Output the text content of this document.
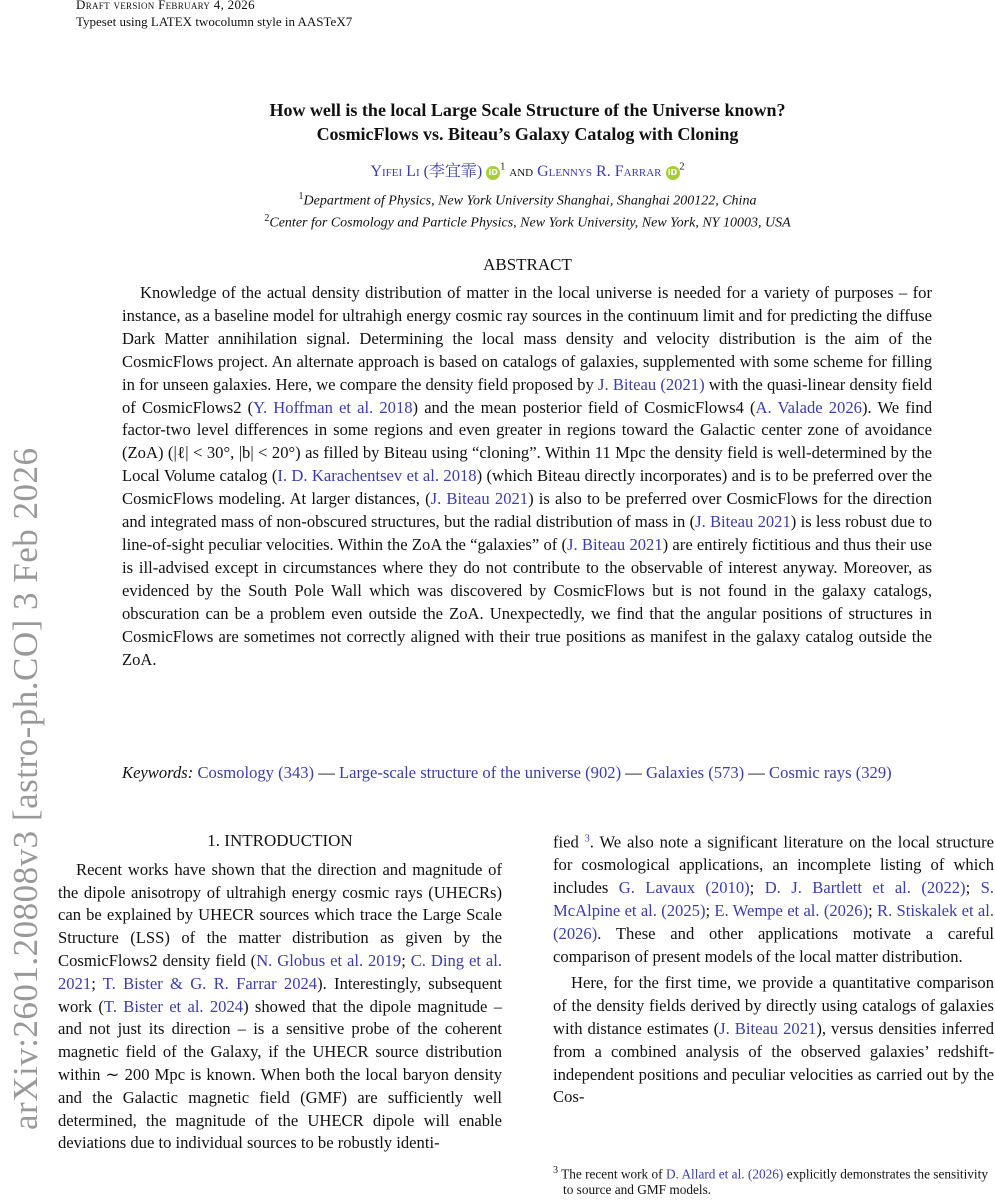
Draft version February 4, 2026
Typeset using LATEX twocolumn style in AASTeX7
arXiv:2601.20808v3 [astro-ph.CO] 3 Feb 2026
How well is the local Large Scale Structure of the Universe known?
CosmicFlows vs. Biteau’s Galaxy Catalog with Cloning
Yifei Li (李宜霏) iD $^1$ and Glennys R. Farrar iD $^2$
$^1$Department of Physics, New York University Shanghai, Shanghai 200122, China
$^2$Center for Cosmology and Particle Physics, New York University, New York, NY 10003, USA
ABSTRACT
Knowledge of the actual density distribution of matter in the local universe is needed for a variety of purposes – for instance, as a baseline model for ultrahigh energy cosmic ray sources in the continuum limit and for predicting the diffuse Dark Matter annihilation signal. Determining the local mass density and velocity distribution is the aim of the CosmicFlows project. An alternate approach is based on catalogs of galaxies, supplemented with some scheme for filling in for unseen galaxies. Here, we compare the density field proposed by J. Biteau (2021) with the quasi-linear density field of CosmicFlows2 (Y. Hoffman et al. 2018) and the mean posterior field of CosmicFlows4 (A. Valade 2026). We find factor-two level differences in some regions and even greater in regions toward the Galactic center zone of avoidance (ZoA) (|ℓ| < 30°, |b| < 20°) as filled by Biteau using “cloning”. Within 11 Mpc the density field is well-determined by the Local Volume catalog (I. D. Karachentsev et al. 2018) (which Biteau directly incorporates) and is to be preferred over the CosmicFlows modeling. At larger distances, (J. Biteau 2021) is also to be preferred over CosmicFlows for the direction and integrated mass of non-obscured structures, but the radial distribution of mass in (J. Biteau 2021) is less robust due to line-of-sight peculiar velocities. Within the ZoA the “galaxies” of (J. Biteau 2021) are entirely fictitious and thus their use is ill-advised except in circumstances where they do not contribute to the observable of interest anyway. Moreover, as evidenced by the South Pole Wall which was discovered by CosmicFlows but is not found in the galaxy catalogs, obscuration can be a problem even outside the ZoA. Unexpectedly, we find that the angular positions of structures in CosmicFlows are sometimes not correctly aligned with their true positions as manifest in the galaxy catalog outside the ZoA.
Keywords: Cosmology (343) — Large-scale structure of the universe (902) — Galaxies (573) — Cosmic rays (329)
1. INTRODUCTION

Recent works have shown that the direction and magnitude of the dipole anisotropy of ultrahigh energy cosmic rays (UHECRs) can be explained by UHECR sources which trace the Large Scale Structure (LSS) of the matter distribution as given by the CosmicFlows2 density field (N. Globus et al. 2019; C. Ding et al. 2021; T. Bister & G. R. Farrar 2024). Interestingly, subsequent work (T. Bister et al. 2024) showed that the dipole magnitude – and not just its direction – is a sensitive probe of the coherent magnetic field of the Galaxy, if the UHECR source distribution within ∼ 200 Mpc is known. When both the local baryon density and the Galactic magnetic field (GMF) are sufficiently well determined, the magnitude of the UHECR dipole will enable deviations due to individual sources to be robustly identi-

fied $^3$. We also note a significant literature on the local structure for cosmological applications, an incomplete listing of which includes G. Lavaux (2010); D. J. Bartlett et al. (2022); S. McAlpine et al. (2025); E. Wempe et al. (2026); R. Stiskalek et al. (2026). These and other applications motivate a careful comparison of present models of the local matter distribution.

Here, for the first time, we provide a quantitative comparison of the density fields derived by directly using catalogs of galaxies with distance estimates (J. Biteau 2021), versus densities inferred from a combined analysis of the observed galaxies’ redshift-independent positions and peculiar velocities as carried out by the Cos-

$^3$ The recent work of D. Allard et al. (2026) explicitly demonstrates the sensitivity to source and GMF models.
